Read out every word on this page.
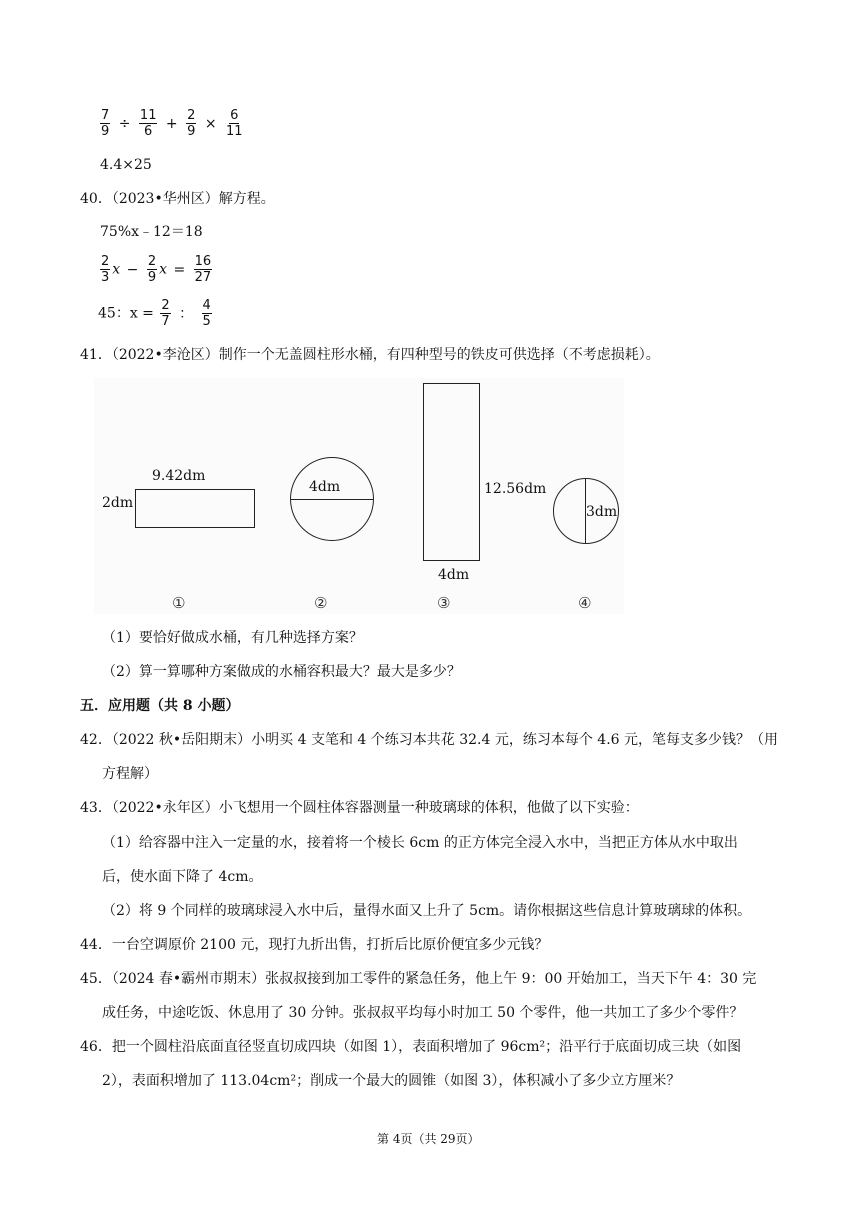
$\frac{7}{9} \div \frac{11}{6} + \frac{2}{9} \times \frac{6}{11}$
4.4×25
40．（2023•华州区）解方程。
75%x﹣12＝18
$\frac{2}{3}$ $x - \frac{2}{9}$ $x = \frac{16}{27}$
45：$x = \frac{2}{7}$ ： $\frac{4}{5}$
41．（2022•李沧区）制作一个无盖圆柱形水桶，有四种型号的铁皮可供选择（不考虑损耗）。
9.42dm
2dm
4dm	12.56dm
4dm
3dm
①	②	③	④
（1）要恰好做成水桶，有几种选择方案？
（2）算一算哪种方案做成的水桶容积最大？最大是多少？
五．应用题（共 8 小题）
42．（2022 秋•岳阳期末）小明买 4 支笔和 4 个练习本共花 32.4 元，练习本每个 4.6 元，笔每支多少钱？（用
方程解）
43．（2022•永年区）小飞想用一个圆柱体容器测量一种玻璃球的体积，他做了以下实验：
（1）给容器中注入一定量的水，接着将一个棱长 6cm 的正方体完全浸入水中，当把正方体从水中取出
后，使水面下降了 4cm。
（2）将 9 个同样的玻璃球浸入水中后，量得水面又上升了 5cm。请你根据这些信息计算玻璃球的体积。
44．一台空调原价 2100 元，现打九折出售，打折后比原价便宜多少元钱？
45．（2024 春•霸州市期末）张叔叔接到加工零件的紧急任务，他上午 9：00 开始加工，当天下午 4：30 完
成任务，中途吃饭、休息用了 30 分钟。张叔叔平均每小时加工 50 个零件，他一共加工了多少个零件？
46．把一个圆柱沿底面直径竖直切成四块（如图 1），表面积增加了 96cm²；沿平行于底面切成三块（如图
2），表面积增加了 113.04cm²；削成一个最大的圆锥（如图 3），体积减小了多少立方厘米？
第 4页（共 29页）
